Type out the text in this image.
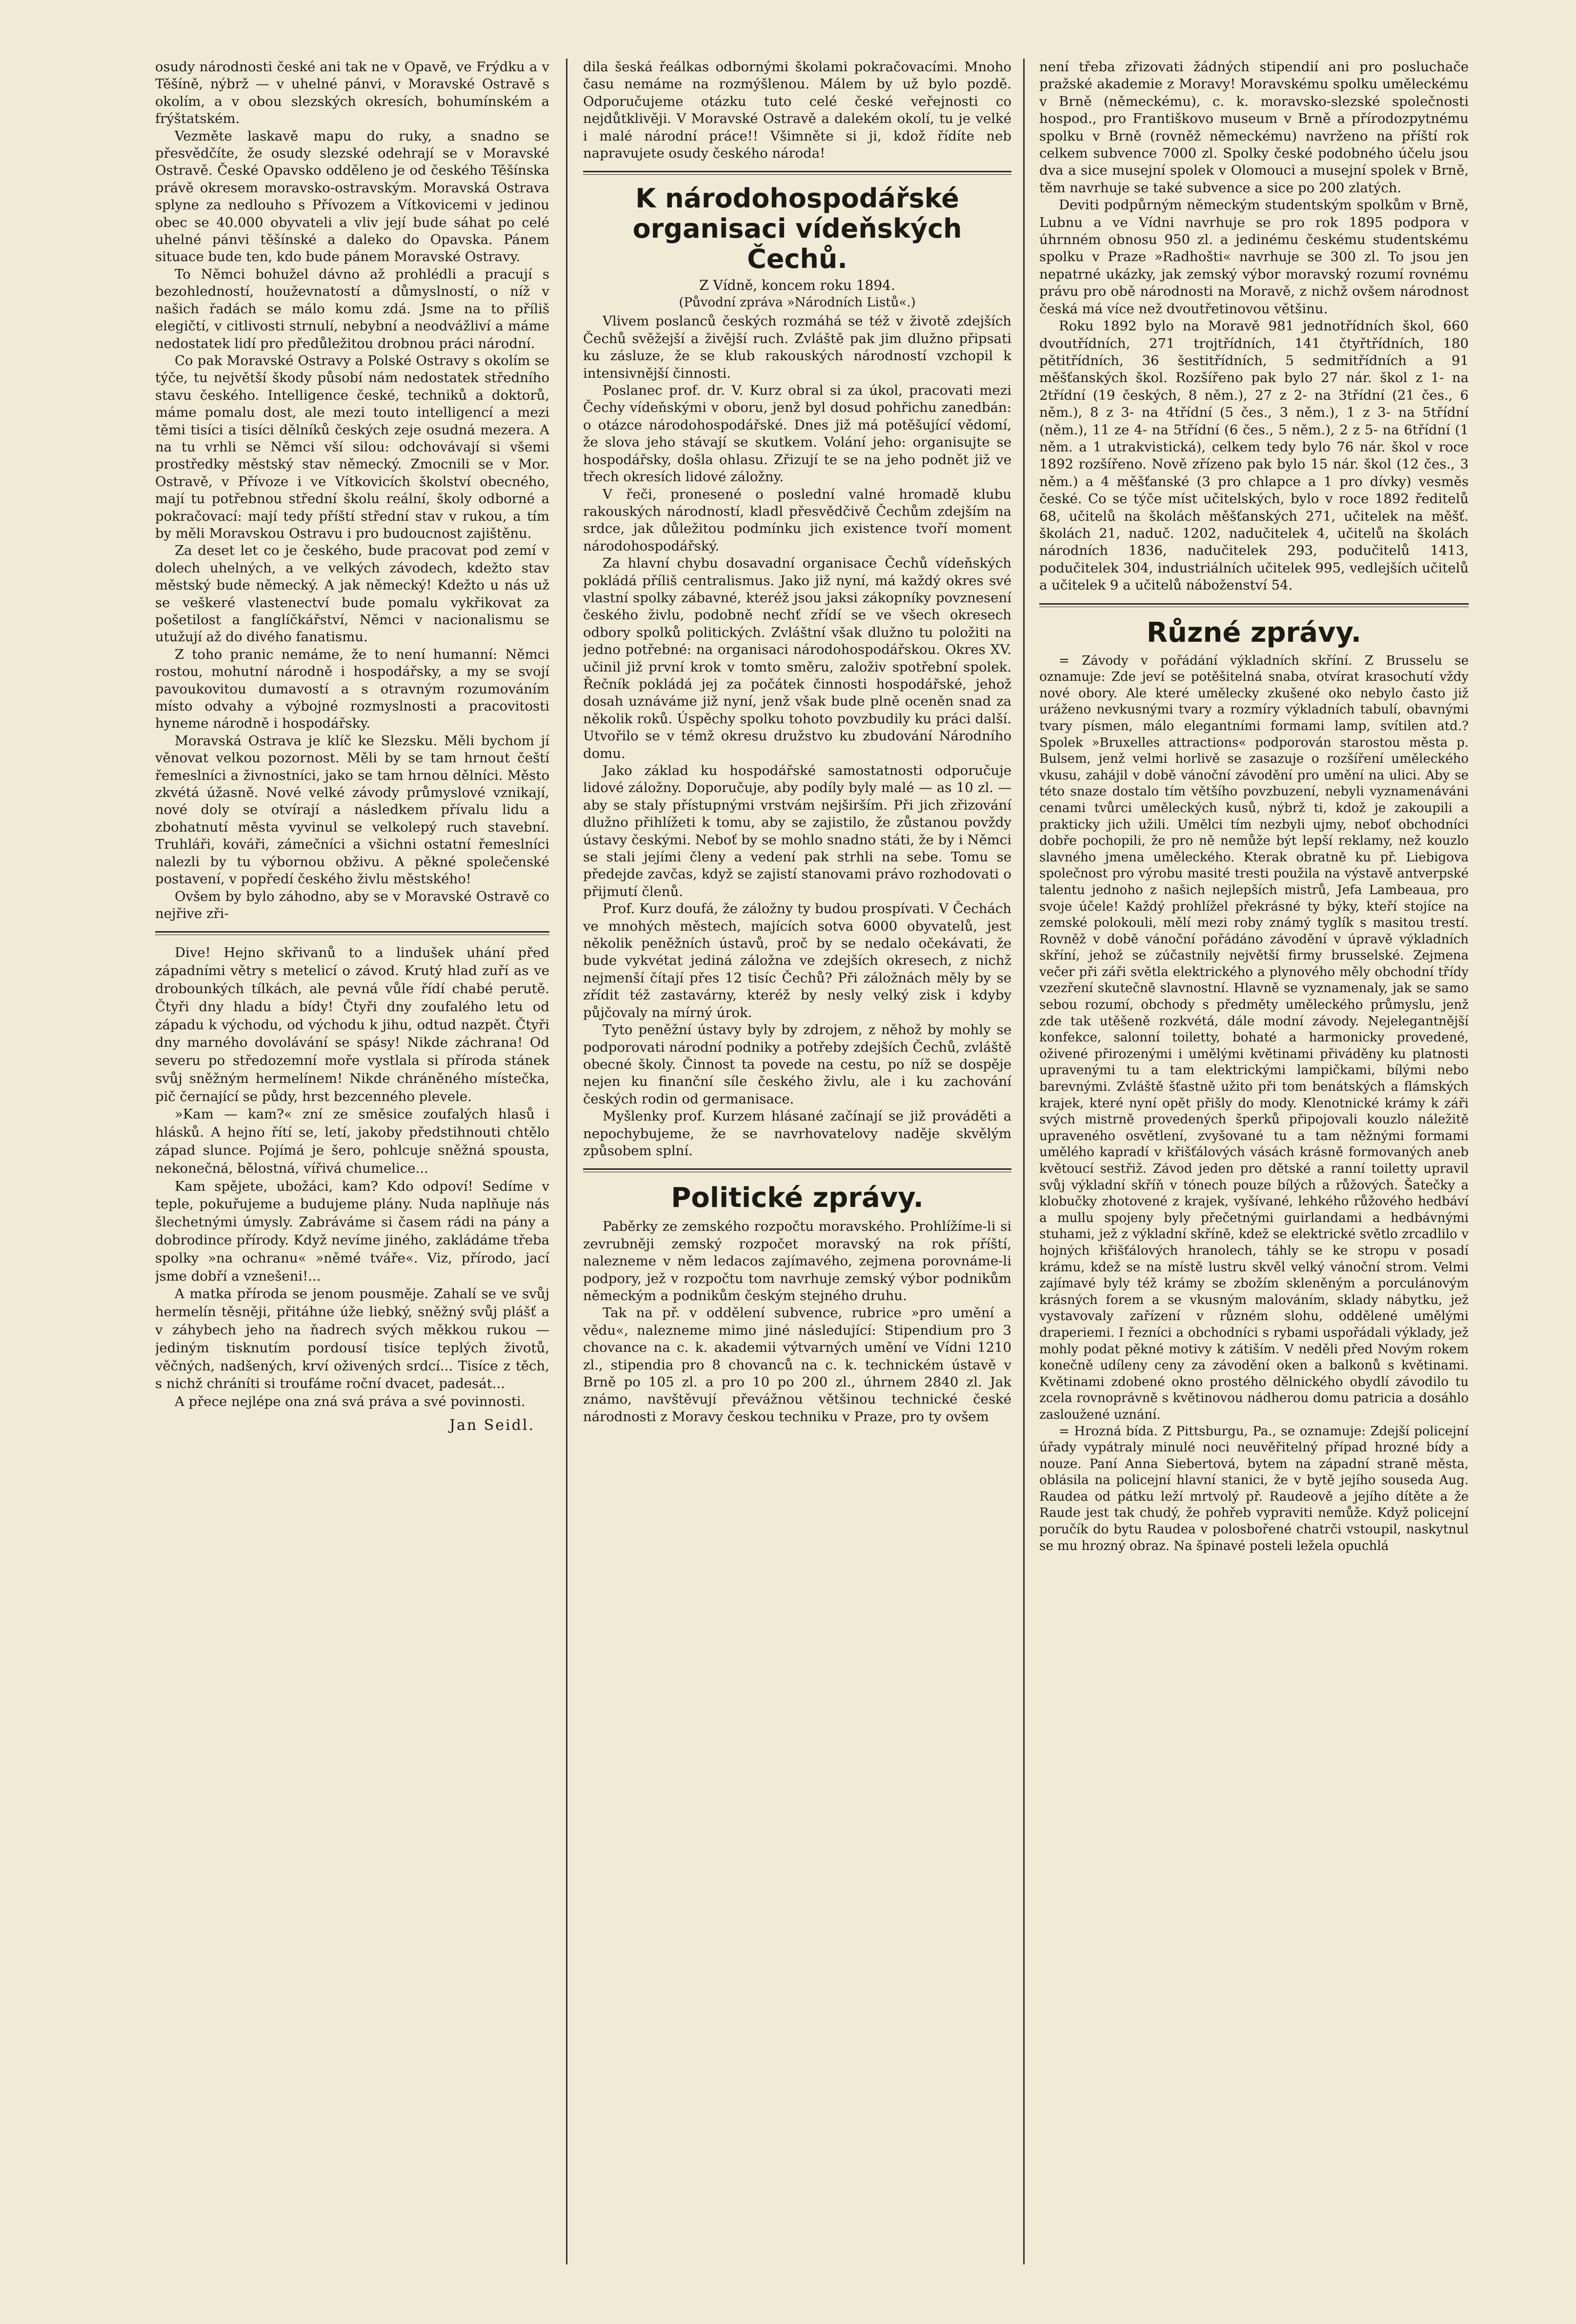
osudy národnosti české ani tak ne v Opavě, ve Frýdku a v Těšíně, nýbrž — v uhelné pánvi, v Moravské Ostravě s okolím, a v obou slezských okresích, bohumínském a frýštatském.

Vezměte laskavě mapu do ruky, a snadno se přesvědčíte, že osudy slezské odehrají se v Moravské Ostravě. České Opavsko odděleno je od českého Těšínska právě okresem moravsko-ostravským. Moravská Ostrava splyne za nedlouho s Přívozem a Vítkovicemi v jedinou obec se 40.000 obyvateli a vliv její bude sáhat po celé uhelné pánvi těšínské a daleko do Opavska. Pánem situace bude ten, kdo bude pánem Moravské Ostravy.

To Němci bohužel dávno až prohlédli a pracují s bezohledností, houževnatostí a důmyslností, o níž v našich řadách se málo komu zdá. Jsme na to příliš elegičtí, v citlivosti strnulí, nebybní a neodvážliví a máme nedostatek lidí pro předůležitou drobnou práci národní.

Co pak Moravské Ostravy a Polské Ostravy s okolím se týče, tu největší škody působí nám nedostatek středního stavu českého. Intelligence české, techniků a doktorů, máme pomalu dost, ale mezi touto intelligencí a mezi těmi tisíci a tisíci dělníků českých zeje osudná mezera. A na tu vrhli se Němci vší silou: odchovávají si všemi prostředky městský stav německý. Zmocnili se v Mor. Ostravě, v Přívoze i ve Vítkovicích školství obecného, mají tu potřebnou střední školu reální, školy odborné a pokračovací: mají tedy příští střední stav v rukou, a tím by měli Moravskou Ostravu i pro budoucnost zajištěnu.

Za deset let co je českého, bude pracovat pod zemí v dolech uhelných, a ve velkých závodech, kdežto stav městský bude německý. A jak německý! Kdežto u nás už se veškeré vlastenectví bude pomalu vykřikovat za pošetilost a fanglíčkářství, Němci v nacionalismu se utužují až do divého fanatismu.

Z toho pranic nemáme, že to není humanní: Němci rostou, mohutní národně i hospodářsky, a my se svojí pavoukovitou dumavostí a s otravným rozumováním místo odvahy a výbojné rozmyslnosti a pracovitosti hyneme národně i hospodářsky.

Moravská Ostrava je klíč ke Slezsku. Měli bychom jí věnovat velkou pozornost. Měli by se tam hrnout čeští řemeslníci a živnostníci, jako se tam hrnou dělníci. Město zkvétá úžasně. Nové velké závody průmyslové vznikají, nové doly se otvírají a následkem přívalu lidu a zbohatnutí města vyvinul se velkolepý ruch stavební. Truhláři, kováři, zámečníci a všichni ostatní řemeslníci nalezli by tu výbornou obživu. A pěkné společenské postavení, v popředí českého živlu městského!

Ovšem by bylo záhodno, aby se v Moravské Ostravě co nejřive zři-

Dive! Hejno skřivanů to a lindušek uhání před západními větry s metelicí o závod. Krutý hlad zuří as ve drobounkých tílkách, ale pevná vůle řídí chabé perutě. Čtyři dny hladu a bídy! Čtyři dny zoufalého letu od západu k východu, od východu k jihu, odtud nazpět. Čtyři dny marného dovolávání se spásy! Nikde záchrana! Od severu po středozemní moře vystlala si příroda stánek svůj sněžným hermelínem! Nikde chráněného místečka, pič černající se půdy, hrst bezcenného plevele.

»Kam — kam?« zní ze směsice zoufalých hlasů i hlásků. A hejno řítí se, letí, jakoby předstihnouti chtělo západ slunce. Pojímá je šero, pohlcuje sněžná spousta, nekonečná, bělostná, vířivá chumelice...

Kam spějete, ubožáci, kam? Kdo odpoví! Sedíme v teple, pokuřujeme a budujeme plány. Nuda naplňuje nás šlechetnými úmysly. Zabráváme si časem rádi na pány a dobrodince přírody. Když nevíme jiného, zakládáme třeba spolky »na ochranu« »němé tváře«. Viz, přírodo, jací jsme dobří a vznešeni!...

A matka příroda se jenom pousměje. Zahalí se ve svůj hermelín těsněji, přitáhne úže liebký, sněžný svůj plášť a v záhybech jeho na ňadrech svých měkkou rukou — jediným tisknutím pordousí tisíce teplých životů, věčných, nadšených, krví oživených srdcí... Tisíce z těch, s nichž chráníti si troufáme roční dvacet, padesát...

A přece nejlépe ona zná svá práva a své povinnosti.

Jan Seidl.

dila šeská řeálkas odbornými školami pokračovacími. Mnoho času nemáme na rozmýšlenou. Málem by už bylo pozdě. Odporučujeme otázku tuto celé české veřejnosti co nejdůtklivěji. V Moravské Ostravě a dalekém okolí, tu je velké i malé národní práce!! Všimněte si ji, kdož řídíte neb napravujete osudy českého národa!

K národohospodářské organisaci vídeňských Čechů.
Z Vídně, koncem roku 1894.
(Původní zpráva »Národních Listů«.)

Vlivem poslanců českých rozmáhá se též v životě zdejších Čechů svěžejší a živější ruch. Zvláště pak jim dlužno připsati ku zásluze, že se klub rakouských národností vzchopil k intensivnější činnosti.

Poslanec prof. dr. V. Kurz obral si za úkol, pracovati mezi Čechy vídeňskými v oboru, jenž byl dosud pohřichu zanedbán: o otázce národohospodářské. Dnes již má potěšující vědomí, že slova jeho stávají se skutkem. Volání jeho: organisujte se hospodářsky, došla ohlasu. Zřizují te se na jeho podnět již ve třech okresích lidové záložny.

V řeči, pronesené o poslední valné hromadě klubu rakouských národností, kladl přesvědčivě Čechům zdejším na srdce, jak důležitou podmínku jich existence tvoří moment národohospodářský.

Za hlavní chybu dosavadní organisace Čechů vídeňských pokládá příliš centralismus. Jako již nyní, má každý okres své vlastní spolky zábavné, kteréž jsou jaksi zákopníky povznesení českého živlu, podobně nechť zřídí se ve všech okresech odbory spolků politických. Zvláštní však dlužno tu položiti na jedno potřebné: na organisaci národohospodářskou. Okres XV. učinil již první krok v tomto směru, založiv spotřební spolek. Řečník pokládá jej za počátek činnosti hospodářské, jehož dosah uznáváme již nyní, jenž však bude plně oceněn snad za několik roků. Úspěchy spolku tohoto povzbudily ku práci další. Utvořilo se v témž okresu družstvo ku zbudování Národního domu.

Jako základ ku hospodářské samostatnosti odporučuje lidové záložny. Doporučuje, aby podíly byly malé — as 10 zl. — aby se staly přístupnými vrstvám nejširším. Při jich zřizování dlužno přihlížeti k tomu, aby se zajistilo, že zůstanou povždy ústavy českými. Neboť by se mohlo snadno státi, že by i Němci se stali jejími členy a vedení pak strhli na sebe. Tomu se předejde zavčas, když se zajistí stanovami právo rozhodovati o přijmutí členů.

Prof. Kurz doufá, že záložny ty budou prospívati. V Čechách ve mnohých městech, majících sotva 6000 obyvatelů, jest několik peněžních ústavů, proč by se nedalo očekávati, že bude vykvétat jediná záložna ve zdejších okresech, z nichž nejmenší čítají přes 12 tisíc Čechů? Při záložnách měly by se zřídit též zastavárny, kteréž by nesly velký zisk i kdyby půjčovaly na mírný úrok.

Tyto peněžní ústavy byly by zdrojem, z něhož by mohly se podporovati národní podniky a potřeby zdejších Čechů, zvláště obecné školy. Činnost ta povede na cestu, po níž se dospěje nejen ku finanční síle českého živlu, ale i ku zachování českých rodin od germanisace.

Myšlenky prof. Kurzem hlásané začínají se již prováděti a nepochybujeme, že se navrhovatelovy naděje skvělým způsobem splní.

Politické zprávy.

Paběrky ze zemského rozpočtu moravského. Prohlížíme-li si zevrubněji zemský rozpočet moravský na rok příští, nalezneme v něm ledacos zajímavého, zejmena porovnáme-li podpory, jež v rozpočtu tom navrhuje zemský výbor podnikům německým a podnikům českým stejného druhu.

Tak na př. v oddělení subvence, rubrice »pro umění a vědu«, nalezneme mimo jiné následující: Stipendium pro 3 chovance na c. k. akademii výtvarných umění ve Vídni 1210 zl., stipendia pro 8 chovanců na c. k. technickém ústavě v Brně po 105 zl. a pro 10 po 200 zl., úhrnem 2840 zl. Jak známo, navštěvují převážnou většinou technické české národnosti z Moravy českou techniku v Praze, pro ty ovšem

není třeba zřizovati žádných stipendií ani pro posluchače pražské akademie z Moravy! Moravskému spolku uměleckému v Brně (německému), c. k. moravsko-slezské společnosti hospod., pro Františkovo museum v Brně a přírodozpytnému spolku v Brně (rovněž německému) navrženo na příští rok celkem subvence 7000 zl. Spolky české podobného účelu jsou dva a sice musejní spolek v Olomouci a musejní spolek v Brně, těm navrhuje se také subvence a sice po 200 zlatých.

Deviti podpůrným německým studentským spolkům v Brně, Lubnu a ve Vídni navrhuje se pro rok 1895 podpora v úhrnném obnosu 950 zl. a jedinému českému studentskému spolku v Praze »Radhošti« navrhuje se 300 zl. To jsou jen nepatrné ukázky, jak zemský výbor moravský rozumí rovnému právu pro obě národnosti na Moravě, z nichž ovšem národnost česká má více než dvoutřetinovou většinu.

Roku 1892 bylo na Moravě 981 jednotřídních škol, 660 dvoutřídních, 271 trojtřídních, 141 čtyřtřídních, 180 pětitřídních, 36 šestitřídních, 5 sedmitřídních a 91 měšťanských škol. Rozšířeno pak bylo 27 nár. škol z 1- na 2třídní (19 českých, 8 něm.), 27 z 2- na 3třídní (21 čes., 6 něm.), 8 z 3- na 4třídní (5 čes., 3 něm.), 1 z 3- na 5třídní (něm.), 11 ze 4- na 5třídní (6 čes., 5 něm.), 2 z 5- na 6třídní (1 něm. a 1 utrakvistická), celkem tedy bylo 76 nár. škol v roce 1892 rozšířeno. Nově zřízeno pak bylo 15 nár. škol (12 čes., 3 něm.) a 4 měšťanské (3 pro chlapce a 1 pro dívky) vesměs české. Co se týče míst učitelských, bylo v roce 1892 ředitelů 68, učitelů na školách měšťanských 271, učitelek na měšť. školách 21, naduč. 1202, nadučitelek 4, učitelů na školách národních 1836, nadučitelek 293, podučitelů 1413, podučitelek 304, industriálních učitelek 995, vedlejších učitelů a učitelek 9 a učitelů náboženství 54.

Různé zprávy.

= Závody v pořádání výkladních skříní. Z Brusselu se oznamuje: Zde jeví se potěšitelná snaba, otvírat krasochutí vždy nové obory. Ale které umělecky zkušené oko nebylo často již uráženo nevkusnými tvary a rozmíry výkladních tabulí, obavnými tvary písmen, málo elegantními formami lamp, svítilen atd.? Spolek »Bruxelles attractions« podporován starostou města p. Bulsem, jenž velmi horlivě se zasazuje o rozšíření uměleckého vkusu, zahájil v době vánoční závodění pro umění na ulici. Aby se této snaze dostalo tím většího povzbuzení, nebyli vyznamenáváni cenami tvůrci uměleckých kusů, nýbrž ti, kdož je zakoupili a prakticky jich užili. Umělci tím nezbyli ujmy, neboť obchodníci dobře pochopili, že pro ně nemůže být lepší reklamy, než kouzlo slavného jmena uměleckého. Kterak obratně ku př. Liebigova společnost pro výrobu masité tresti použila na výstavě antverpské talentu jednoho z našich nejlepších mistrů, Jefa Lambeaua, pro svoje účele! Každý prohlížel překrásné ty býky, kteří stojíce na zemské polokouli, mělí mezi roby známý tyglík s masitou trestí. Rovněž v době vánoční pořádáno závodění v úpravě výkladních skříní, jehož se zúčastnily největší firmy brusselské. Zejmena večer při záři světla elektrického a plynového měly obchodní třídy vzezření skutečně slavnostní. Hlavně se vyznamenaly, jak se samo sebou rozumí, obchody s předměty uměleckého průmyslu, jenž zde tak utěšeně rozkvétá, dále modní závody. Nejelegantnější konfekce, salonní toiletty, bohaté a harmonicky provedené, oživené přirozenými i umělými květinami přiváděny ku platnosti upravenými tu a tam elektrickými lampičkami, bílými nebo barevnými. Zvláště šťastně užito při tom benátských a flámských krajek, které nyní opět přišly do mody. Klenotnické krámy k záři svých mistrně provedených šperků připojovali kouzlo náležitě upraveného osvětlení, zvyšované tu a tam něžnými formami umělého kapradí v křišťálových vásách krásně formovaných aneb květoucí sestřiž. Závod jeden pro dětské a ranní toiletty upravil svůj výkladní skříň v tónech pouze bílých a růžových. Šatečky a klobučky zhotovené z krajek, vyšívané, lehkého růžového hedbáví a mullu spojeny byly přečetnými guirlandami a hedbávnými stuhami, jež z výkladní skříně, kdež se elektrické světlo zrcadlilo v hojných křišťálových hranolech, táhly se ke stropu v posadí krámu, kdež se na místě lustru skvěl velký vánoční strom. Velmi zajímavé byly též krámy se zbožím skleněným a porculánovým krásných forem a se vkusným malováním, sklady nábytku, jež vystavovaly zařízení v různém slohu, oddělené umělými draperiemi. I řezníci a obchodníci s rybami uspořádali výklady, jež mohly podat pěkné motivy k zátiším. V neděli před Novým rokem konečně udíleny ceny za závodění oken a balkonů s květinami. Květinami zdobené okno prostého dělnického obydlí závodilo tu zcela rovnoprávně s květinovou nádherou domu patricia a dosáhlo zasloužené uznání.

= Hrozná bída. Z Pittsburgu, Pa., se oznamuje: Zdejší policejní úřady vypátraly minulé noci neuvěřitelný případ hrozné bídy a nouze. Paní Anna Siebertová, bytem na západní straně města, oblásila na policejní hlavní stanici, že v bytě jejího souseda Aug. Raudea od pátku leží mrtvolý př. Raudeově a jejího dítěte a že Raude jest tak chudý, že pohřeb vypraviti nemůže. Když policejní poručík do bytu Raudea v polosbořené chatrči vstoupil, naskytnul se mu hrozný obraz. Na špinavé posteli ležela opuchlá
